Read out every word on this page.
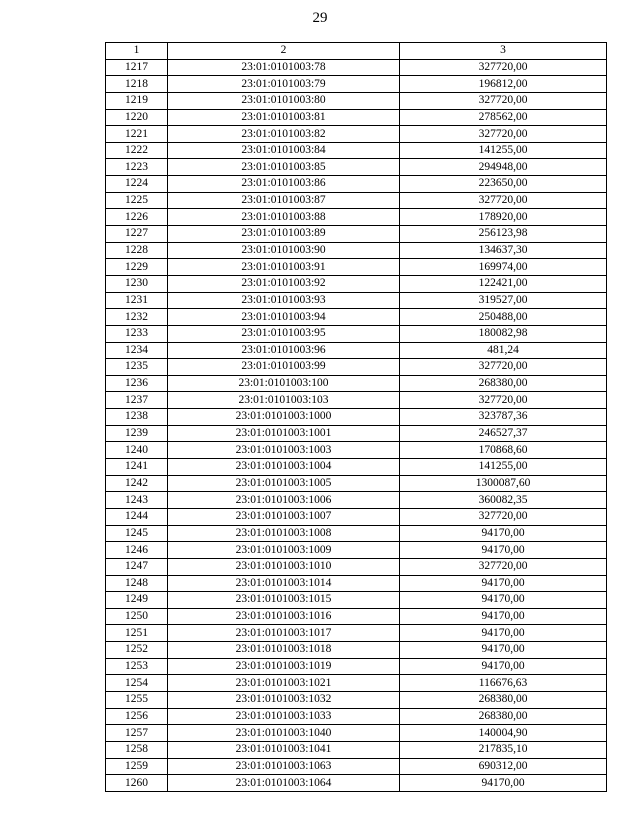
29
1	2	3
1217	23:01:0101003:78	327720,00
1218	23:01:0101003:79	196812,00
1219	23:01:0101003:80	327720,00
1220	23:01:0101003:81	278562,00
1221	23:01:0101003:82	327720,00
1222	23:01:0101003:84	141255,00
1223	23:01:0101003:85	294948,00
1224	23:01:0101003:86	223650,00
1225	23:01:0101003:87	327720,00
1226	23:01:0101003:88	178920,00
1227	23:01:0101003:89	256123,98
1228	23:01:0101003:90	134637,30
1229	23:01:0101003:91	169974,00
1230	23:01:0101003:92	122421,00
1231	23:01:0101003:93	319527,00
1232	23:01:0101003:94	250488,00
1233	23:01:0101003:95	180082,98
1234	23:01:0101003:96	481,24
1235	23:01:0101003:99	327720,00
1236	23:01:0101003:100	268380,00
1237	23:01:0101003:103	327720,00
1238	23:01:0101003:1000	323787,36
1239	23:01:0101003:1001	246527,37
1240	23:01:0101003:1003	170868,60
1241	23:01:0101003:1004	141255,00
1242	23:01:0101003:1005	1300087,60
1243	23:01:0101003:1006	360082,35
1244	23:01:0101003:1007	327720,00
1245	23:01:0101003:1008	94170,00
1246	23:01:0101003:1009	94170,00
1247	23:01:0101003:1010	327720,00
1248	23:01:0101003:1014	94170,00
1249	23:01:0101003:1015	94170,00
1250	23:01:0101003:1016	94170,00
1251	23:01:0101003:1017	94170,00
1252	23:01:0101003:1018	94170,00
1253	23:01:0101003:1019	94170,00
1254	23:01:0101003:1021	116676,63
1255	23:01:0101003:1032	268380,00
1256	23:01:0101003:1033	268380,00
1257	23:01:0101003:1040	140004,90
1258	23:01:0101003:1041	217835,10
1259	23:01:0101003:1063	690312,00
1260	23:01:0101003:1064	94170,00
